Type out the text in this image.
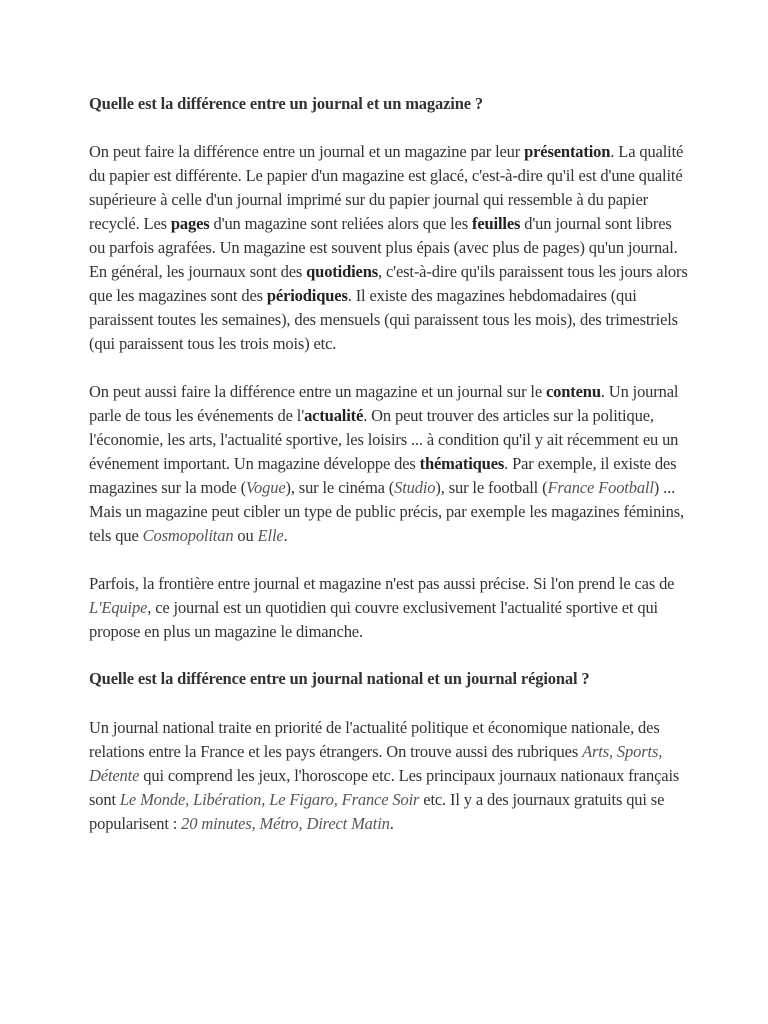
Quelle est la différence entre un journal et un magazine ?

On peut faire la différence entre un journal et un magazine par leur présentation. La qualité du papier est différente. Le papier d'un magazine est glacé, c'est-à-dire qu'il est d'une qualité supérieure à celle d'un journal imprimé sur du papier journal qui ressemble à du papier recyclé. Les pages d'un magazine sont reliées alors que les feuilles d'un journal sont libres ou parfois agrafées. Un magazine est souvent plus épais (avec plus de pages) qu'un journal. En général, les journaux sont des quotidiens, c'est-à-dire qu'ils paraissent tous les jours alors que les magazines sont des périodiques. Il existe des magazines hebdomadaires (qui paraissent toutes les semaines), des mensuels (qui paraissent tous les mois), des trimestriels (qui paraissent tous les trois mois) etc.

On peut aussi faire la différence entre un magazine et un journal sur le contenu. Un journal parle de tous les événements de l'actualité. On peut trouver des articles sur la politique, l'économie, les arts, l'actualité sportive, les loisirs ... à condition qu'il y ait récemment eu un événement important. Un magazine développe des thématiques. Par exemple, il existe des magazines sur la mode (Vogue), sur le cinéma (Studio), sur le football (France Football) ... Mais un magazine peut cibler un type de public précis, par exemple les magazines féminins, tels que Cosmopolitan ou Elle.

Parfois, la frontière entre journal et magazine n'est pas aussi précise. Si l'on prend le cas de L'Equipe, ce journal est un quotidien qui couvre exclusivement l'actualité sportive et qui propose en plus un magazine le dimanche.

Quelle est la différence entre un journal national et un journal régional ?

Un journal national traite en priorité de l'actualité politique et économique nationale, des relations entre la France et les pays étrangers. On trouve aussi des rubriques Arts, Sports, Détente qui comprend les jeux, l'horoscope etc. Les principaux journaux nationaux français sont Le Monde, Libération, Le Figaro, France Soir etc. Il y a des journaux gratuits qui se popularisent : 20 minutes, Métro, Direct Matin.
